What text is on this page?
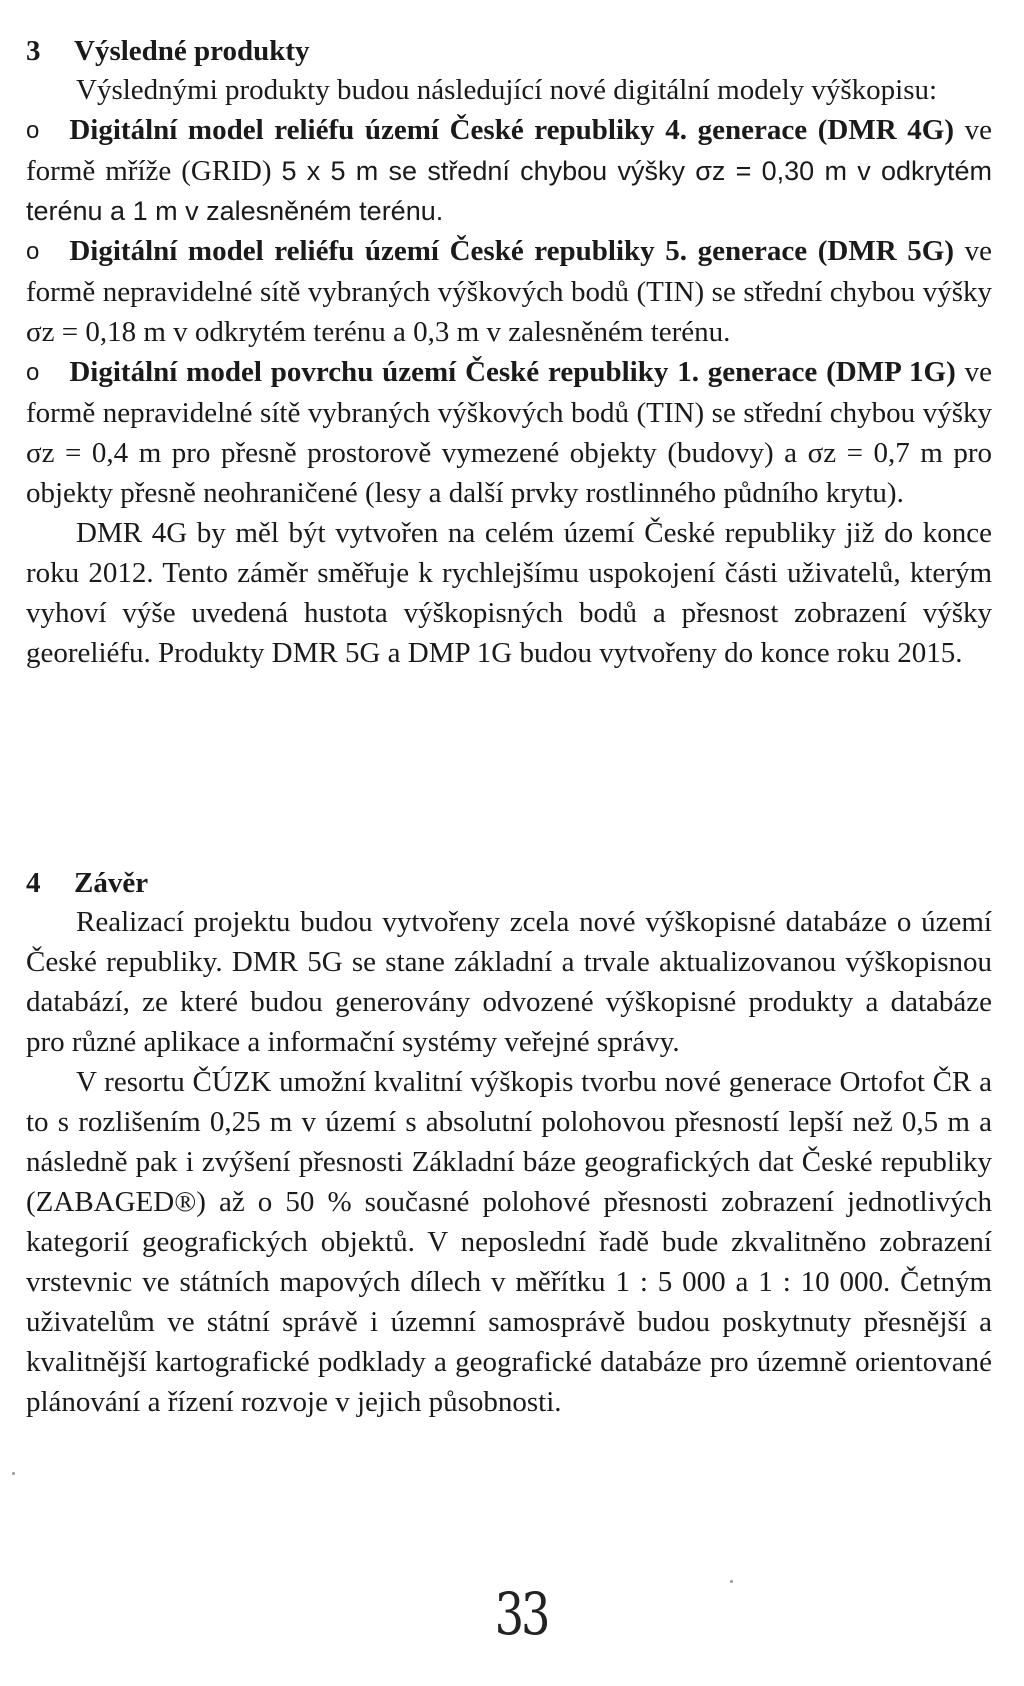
3 Výsledné produkty

Výslednými produkty budou následující nové digitální modely výškopisu:

o Digitální model reliéfu území České republiky 4. generace (DMR 4G) ve formě mříže (GRID) 5 x 5 m se střední chybou výšky σz = 0,30 m v odkrytém terénu a 1 m v zalesněném terénu.

o Digitální model reliéfu území České republiky 5. generace (DMR 5G) ve formě nepravidelné sítě vybraných výškových bodů (TIN) se střední chybou výšky σz = 0,18 m v odkrytém terénu a 0,3 m v zalesněném terénu.

o Digitální model povrchu území České republiky 1. generace (DMP 1G) ve formě nepravidelné sítě vybraných výškových bodů (TIN) se střední chybou výšky σz = 0,4 m pro přesně prostorově vymezené objekty (budovy) a σz = 0,7 m pro objekty přesně neohraničené (lesy a další prvky rostlinného půdního krytu).

DMR 4G by měl být vytvořen na celém území České republiky již do konce roku 2012. Tento záměr směřuje k rychlejšímu uspokojení části uživatelů, kterým vyhoví výše uvedená hustota výškopisných bodů a přesnost zobrazení výšky georeliéfu. Produkty DMR 5G a DMP 1G budou vytvořeny do konce roku 2015.

4 Závěr

Realizací projektu budou vytvořeny zcela nové výškopisné databáze o území České republiky. DMR 5G se stane základní a trvale aktualizovanou výškopisnou databází, ze které budou generovány odvozené výškopisné produkty a databáze pro různé aplikace a informační systémy veřejné správy.

V resortu ČÚZK umožní kvalitní výškopis tvorbu nové generace Ortofot ČR a to s rozlišením 0,25 m v území s absolutní polohovou přesností lepší než 0,5 m a následně pak i zvýšení přesnosti Základní báze geografických dat České republiky (ZABAGED®) až o 50 % současné polohové přesnosti zobrazení jednotlivých kategorií geografických objektů. V neposlední řadě bude zkvalitněno zobrazení vrstevnic ve státních mapových dílech v měřítku 1 : 5 000 a 1 : 10 000. Četným uživatelům ve státní správě i územní samosprávě budou poskytnuty přesnější a kvalitnější kartografické podklady a geografické databáze pro územně orientované plánování a řízení rozvoje v jejich působnosti.

33
